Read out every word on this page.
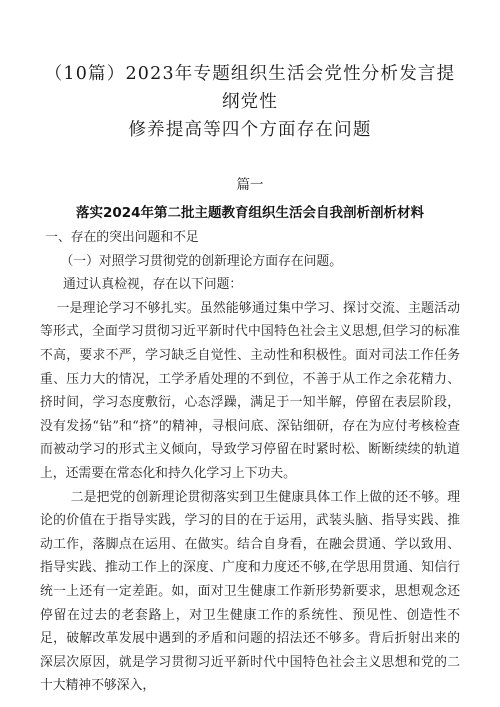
（10篇）2023年专题组织生活会党性分析发言提纲党性
修养提高等四个方面存在问题
篇一
落实2024年第二批主题教育组织生活会自我剖析剖析材料

一、存在的突出问题和不足

（一）对照学习贯彻党的创新理论方面存在问题。

通过认真检视，存在以下问题：

一是理论学习不够扎实。虽然能够通过集中学习、探讨交流、主题活动等形式，全面学习贯彻习近平新时代中国特色社会主义思想,但学习的标准不高，要求不严，学习缺乏自觉性、主动性和积极性。面对司法工作任务重、压力大的情况，工学矛盾处理的不到位，不善于从工作之余花精力、挤时间，学习态度敷衍，心态浮躁，满足于一知半解，停留在表层阶段，没有发扬“钻”和“挤”的精神，寻根问底、深钻细研，存在为应付考核检查而被动学习的形式主义倾向，导致学习停留在时紧时松、断断续续的轨道上，还需要在常态化和持久化学习上下功夫。

二是把党的创新理论贯彻落实到卫生健康具体工作上做的还不够。理论的价值在于指导实践，学习的目的在于运用，武装头脑、指导实践、推动工作，落脚点在运用、在做实。结合自身看，在融会贯通、学以致用、指导实践、推动工作上的深度、广度和力度还不够,在学思用贯通、知信行统一上还有一定差距。如，面对卫生健康工作新形势新要求，思想观念还停留在过去的老套路上，对卫生健康工作的系统性、预见性、创造性不足，破解改革发展中遇到的矛盾和问题的招法还不够多。背后折射出来的深层次原因，就是学习贯彻习近平新时代中国特色社会主义思想和党的二十大精神不够深入，
